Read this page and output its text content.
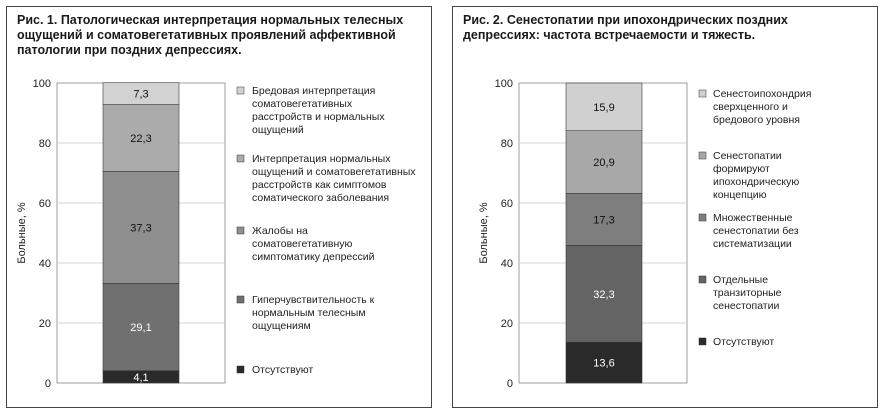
Рис. 1. Патологическая интерпретация нормальных телесных ощущений и соматовегетативных проявлений аффективной патологии при поздних депрессиях.

0
20
40
60
80
100
Больные, %
4,1
29,1
37,3
22,3
7,3	Бредовая интерпретация соматовегетативных расстройств и нормальных ощущений
Интерпретация нормальных ощущений и соматовегетативных расстройств как симптомов соматического заболевания
Жалобы на соматовегетативную симптоматику депрессий
Гиперчувствительность к нормальным телесным ощущениям
Отсутствуют

Рис. 2. Сенестопатии при ипохондрических поздних депрессиях: частота встречаемости и тяжесть.

0
20
40
60
80
100
Больные, %
13,6
32,3
17,3
20,9
15,9
Сенестоипохондрия сверхценного и бредового уровня
Сенестопатии формируют ипохондрическую концепцию
Множественные сенестопатии без систематизации
Отдельные транзиторные сенестопатии
Отсутствуют
